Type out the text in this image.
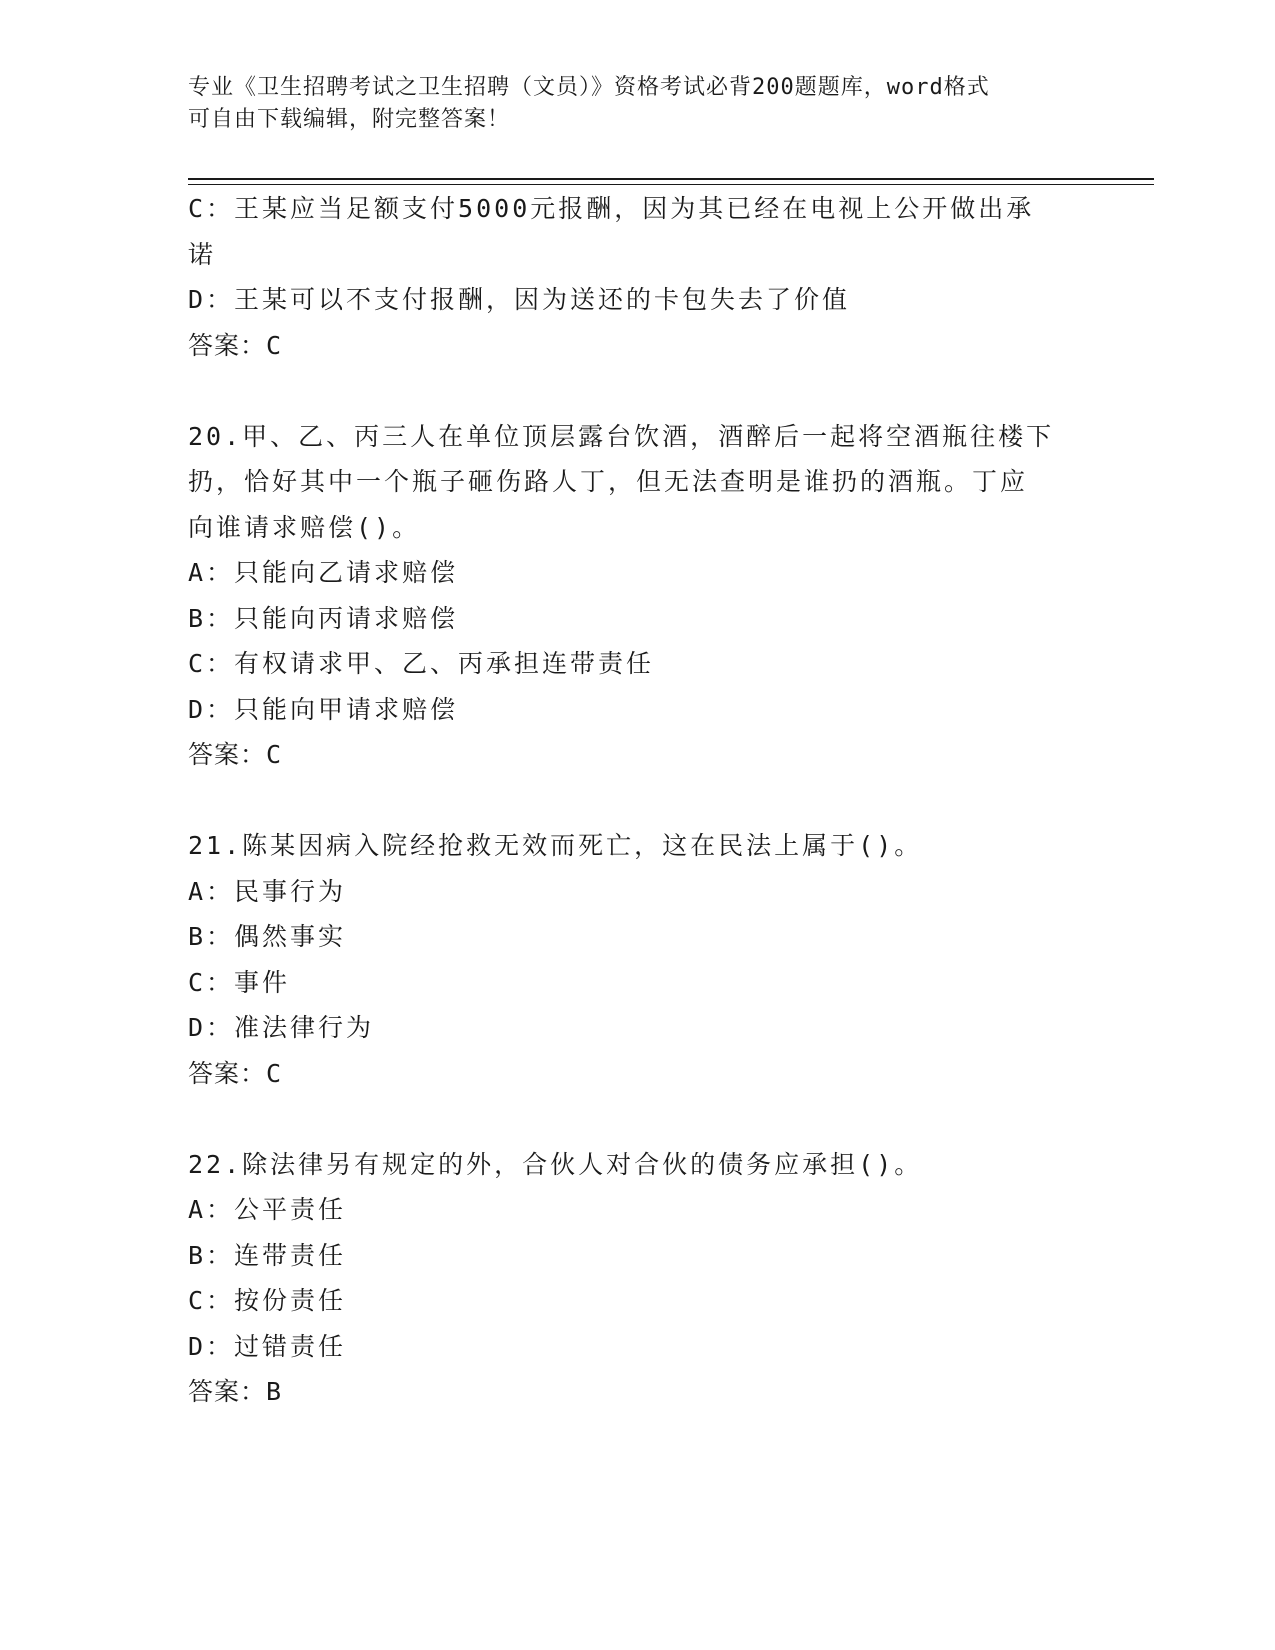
专业《卫生招聘考试之卫生招聘（文员）》资格考试必背200题题库，word格式
可自由下载编辑，附完整答案！
C：王某应当足额支付5000元报酬，因为其已经在电视上公开做出承
诺
D：王某可以不支付报酬，因为送还的卡包失去了价值
答案：C
20.甲、乙、丙三人在单位顶层露台饮酒，酒醉后一起将空酒瓶往楼下
扔，恰好其中一个瓶子砸伤路人丁，但无法查明是谁扔的酒瓶。丁应
向谁请求赔偿()。
A：只能向乙请求赔偿
B：只能向丙请求赔偿
C：有权请求甲、乙、丙承担连带责任
D：只能向甲请求赔偿
答案：C
21.陈某因病入院经抢救无效而死亡，这在民法上属于()。
A：民事行为
B：偶然事实
C：事件
D：准法律行为
答案：C
22.除法律另有规定的外，合伙人对合伙的债务应承担()。
A：公平责任
B：连带责任
C：按份责任
D：过错责任
答案：B
